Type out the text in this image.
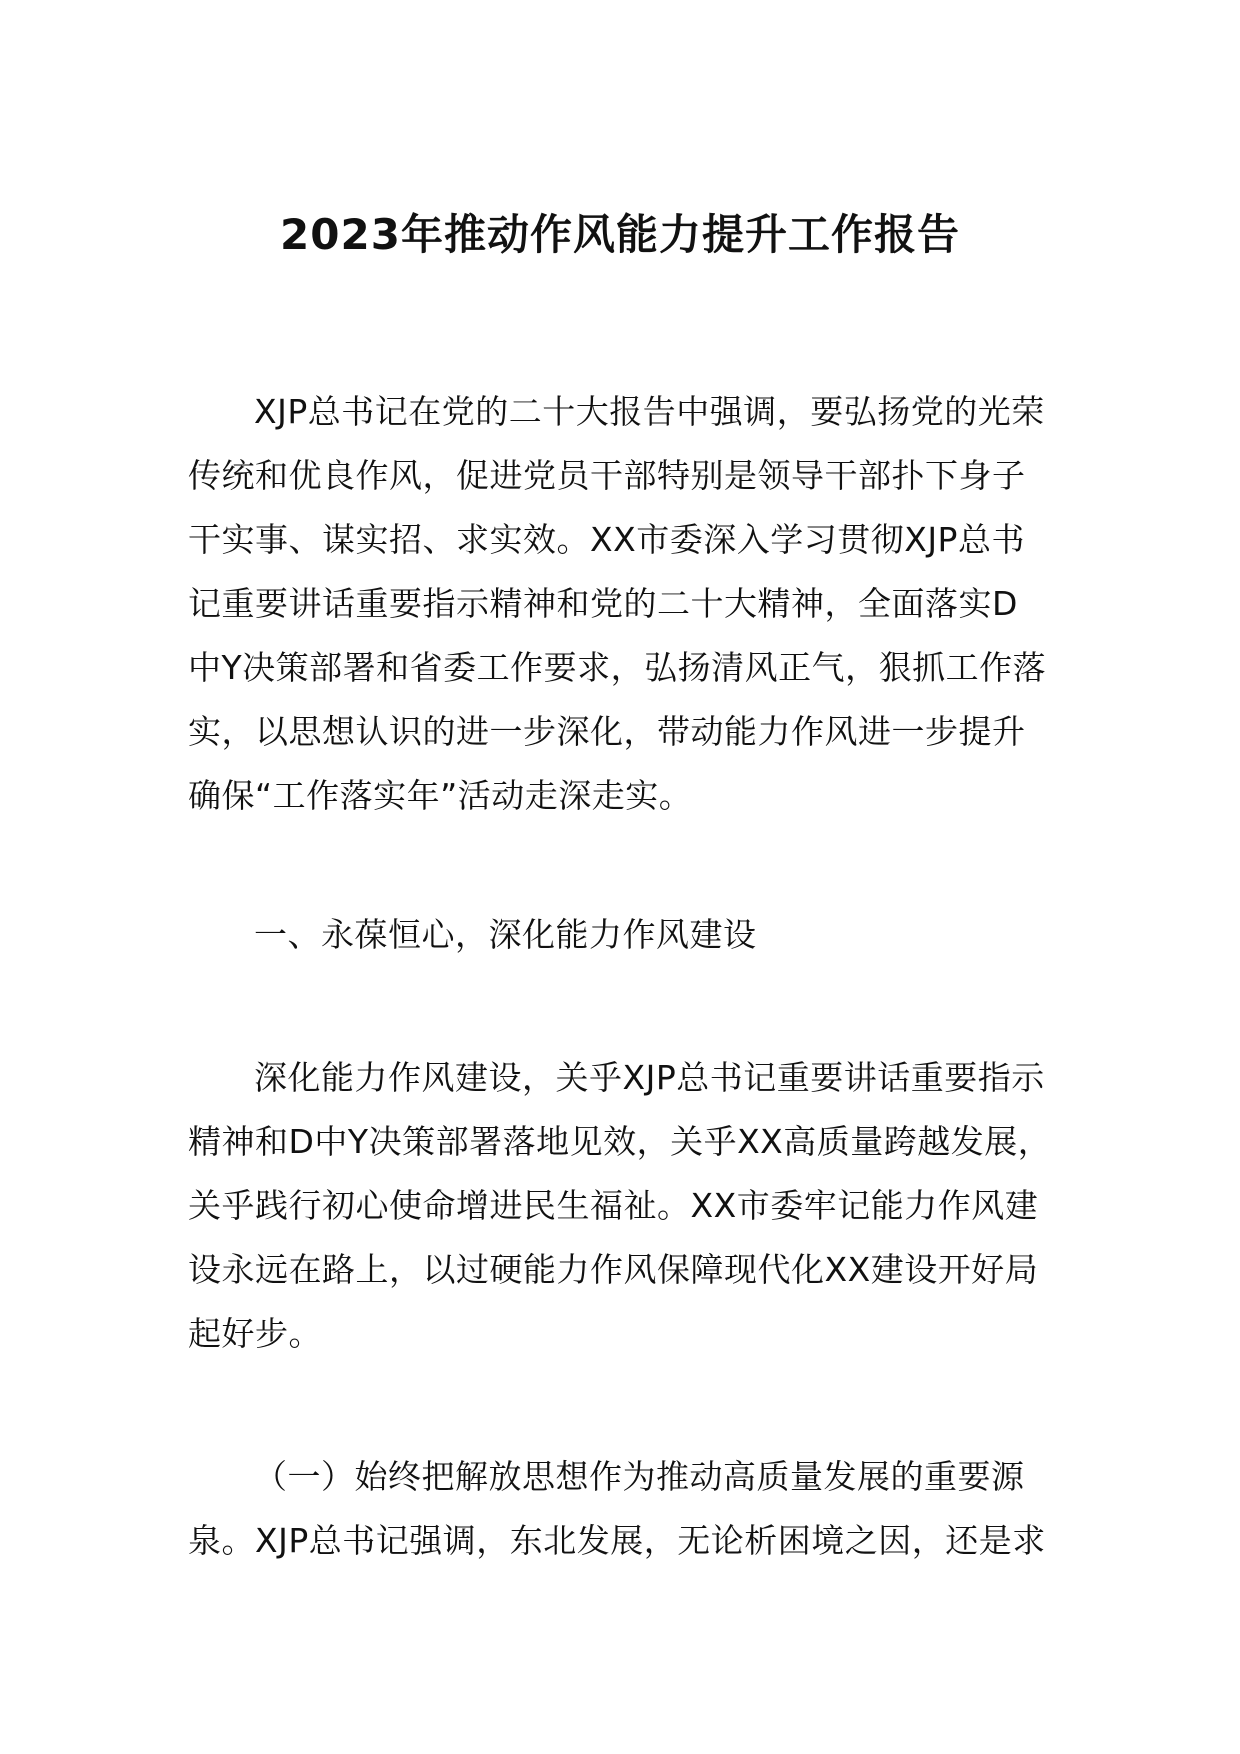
2023年推动作风能力提升工作报告

XJP总书记在党的二十大报告中强调，要弘扬党的光荣
传统和优良作风，促进党员干部特别是领导干部扑下身子
干实事、谋实招、求实效。XX市委深入学习贯彻XJP总书
记重要讲话重要指示精神和党的二十大精神，全面落实D
中Y决策部署和省委工作要求，弘扬清风正气，狠抓工作落
实，以思想认识的进一步深化，带动能力作风进一步提升
确保“工作落实年”活动走深走实。

一、永葆恒心，深化能力作风建设

深化能力作风建设，关乎XJP总书记重要讲话重要指示
精神和D中Y决策部署落地见效，关乎XX高质量跨越发展，
关乎践行初心使命增进民生福祉。XX市委牢记能力作风建
设永远在路上，以过硬能力作风保障现代化XX建设开好局
起好步。

（一）始终把解放思想作为推动高质量发展的重要源
泉。XJP总书记强调，东北发展，无论析困境之因，还是求
